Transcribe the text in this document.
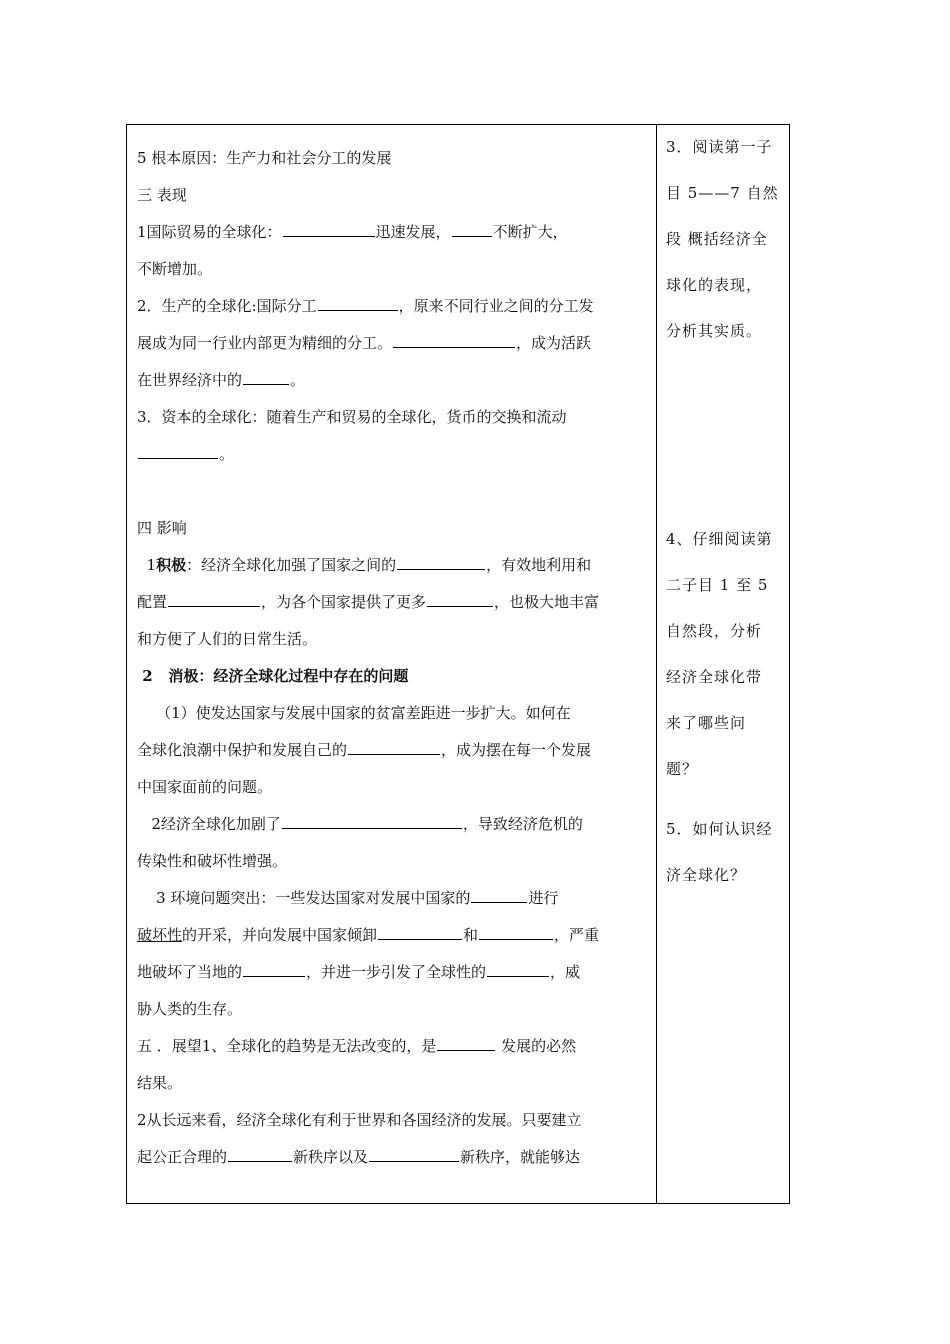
5 根本原因：生产力和社会分工的发展
三 表现
1国际贸易的全球化：	迅速发展，	不断扩大，
不断增加。
2．生产的全球化:国际分工	，原来不同行业之间的分工发
展成为同一行业内部更为精细的分工。	，成为活跃
在世界经济中的	。
3．资本的全球化：随着生产和贸易的全球化，货币的交换和流动
。
四 影响
1积极：经济全球化加强了国家之间的	，有效地利用和
配置	，为各个国家提供了更多	，也极大地丰富
和方便了人们的日常生活。
2 消极：经济全球化过程中存在的问题
（1）使发达国家与发展中国家的贫富差距进一步扩大。如何在
全球化浪潮中保护和发展自己的	，成为摆在每一个发展
中国家面前的问题。
2经济全球化加剧了	，导致经济危机的
传染性和破坏性增强。
3 环境问题突出：一些发达国家对发展中国家的	进行
破坏性的开采，并向发展中国家倾卸	和	，严重
地破坏了当地的	，并进一步引发了全球性的	，威
胁人类的生存。
五 ．展望1、全球化的趋势是无法改变的，是	发展的必然
结果。
2从长远来看，经济全球化有利于世界和各国经济的发展。只要建立
起公正合理的	新秩序以及	新秩序，就能够达
3．阅读第一子
目 5——7 自然
段 概括经济全
球化的表现，
分析其实质。
4、仔细阅读第
二子目 1 至 5
自然段，分析
经济全球化带
来了哪些问
题？
5．如何认识经
济全球化？
